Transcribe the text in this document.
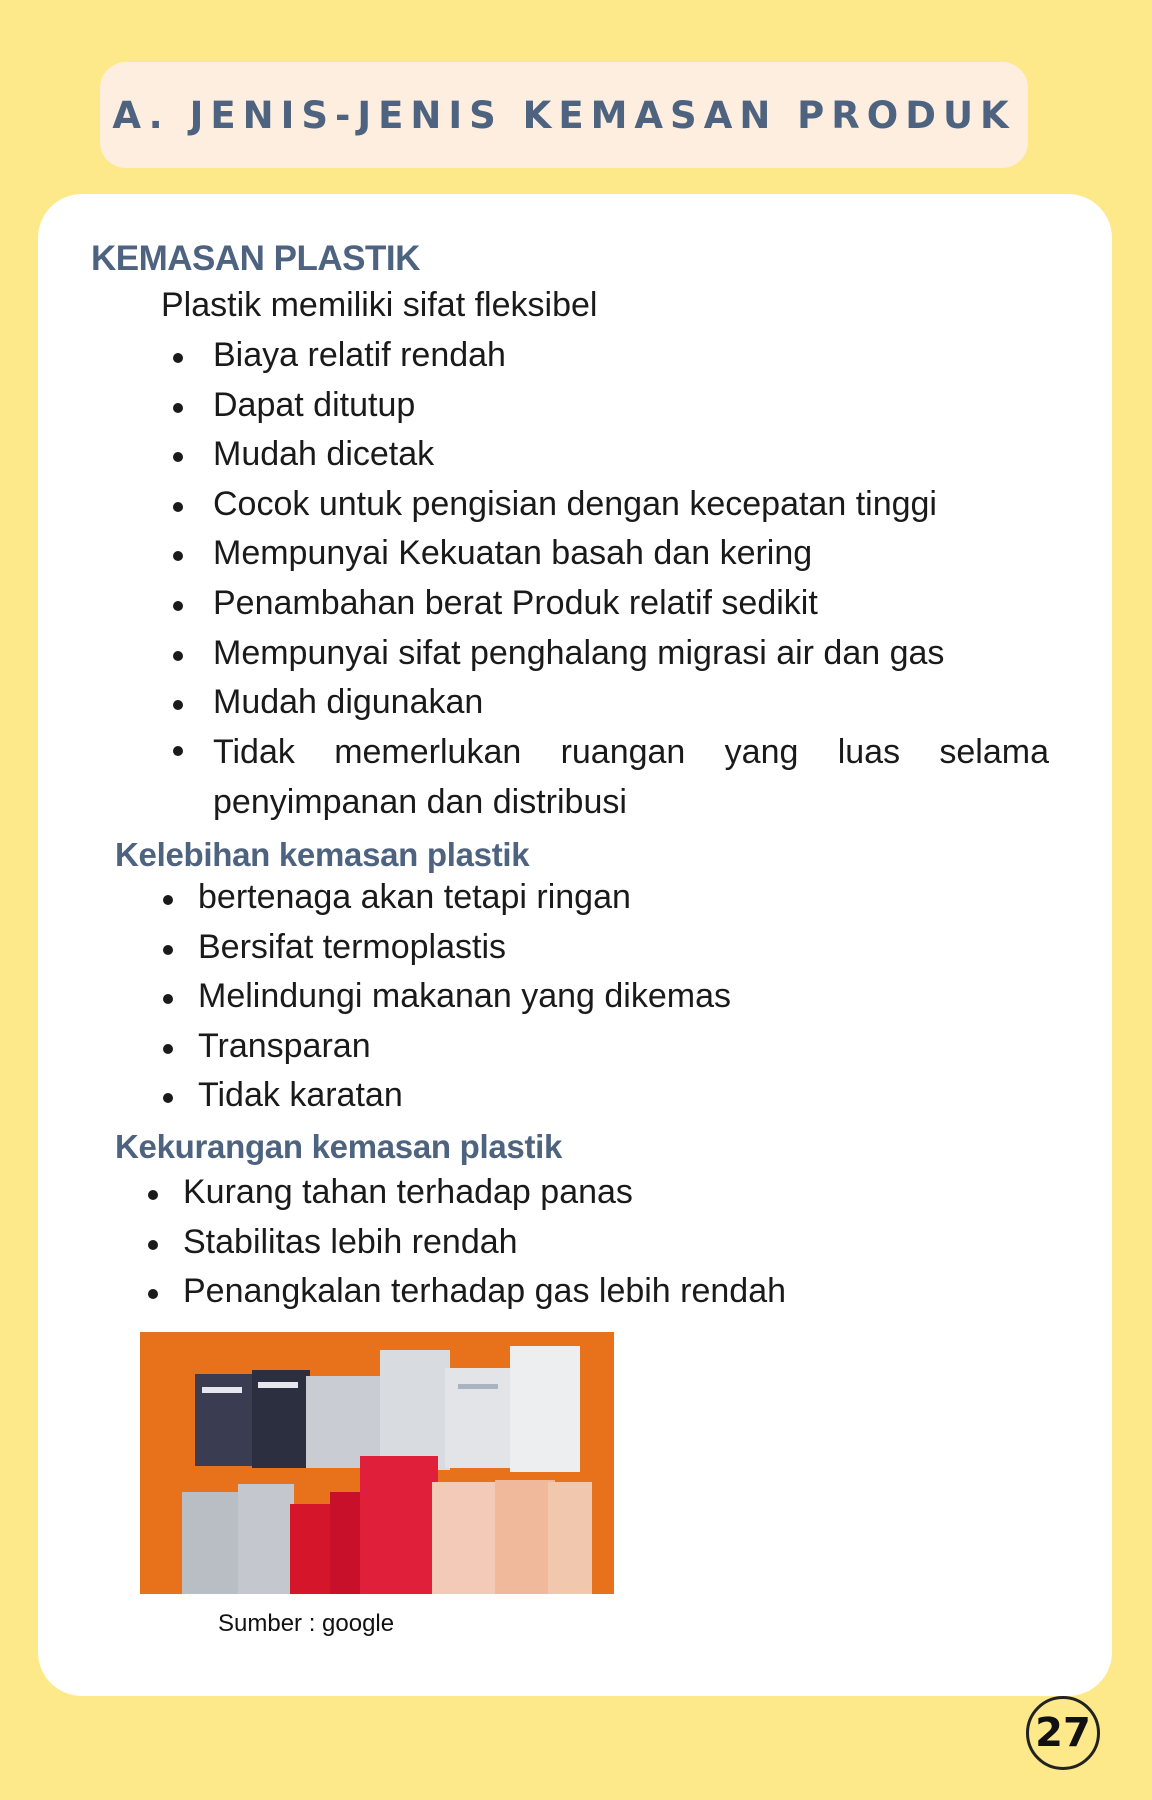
A. JENIS-JENIS KEMASAN PRODUK
KEMASAN PLASTIK
Plastik memiliki sifat fleksibel
Biaya relatif rendah
Dapat ditutup
Mudah dicetak
Cocok untuk pengisian dengan kecepatan tinggi
Mempunyai Kekuatan basah dan kering
Penambahan berat Produk relatif sedikit
Mempunyai sifat penghalang migrasi air dan gas
Mudah digunakan
Tidak memerlukan ruangan yang luas selama penyimpanan dan distribusi
Kelebihan kemasan plastik
bertenaga akan tetapi ringan
Bersifat termoplastis
Melindungi makanan yang dikemas
Transparan
Tidak karatan
Kekurangan kemasan plastik
Kurang tahan terhadap panas
Stabilitas lebih rendah
Penangkalan terhadap gas lebih rendah
Sumber : google
27
